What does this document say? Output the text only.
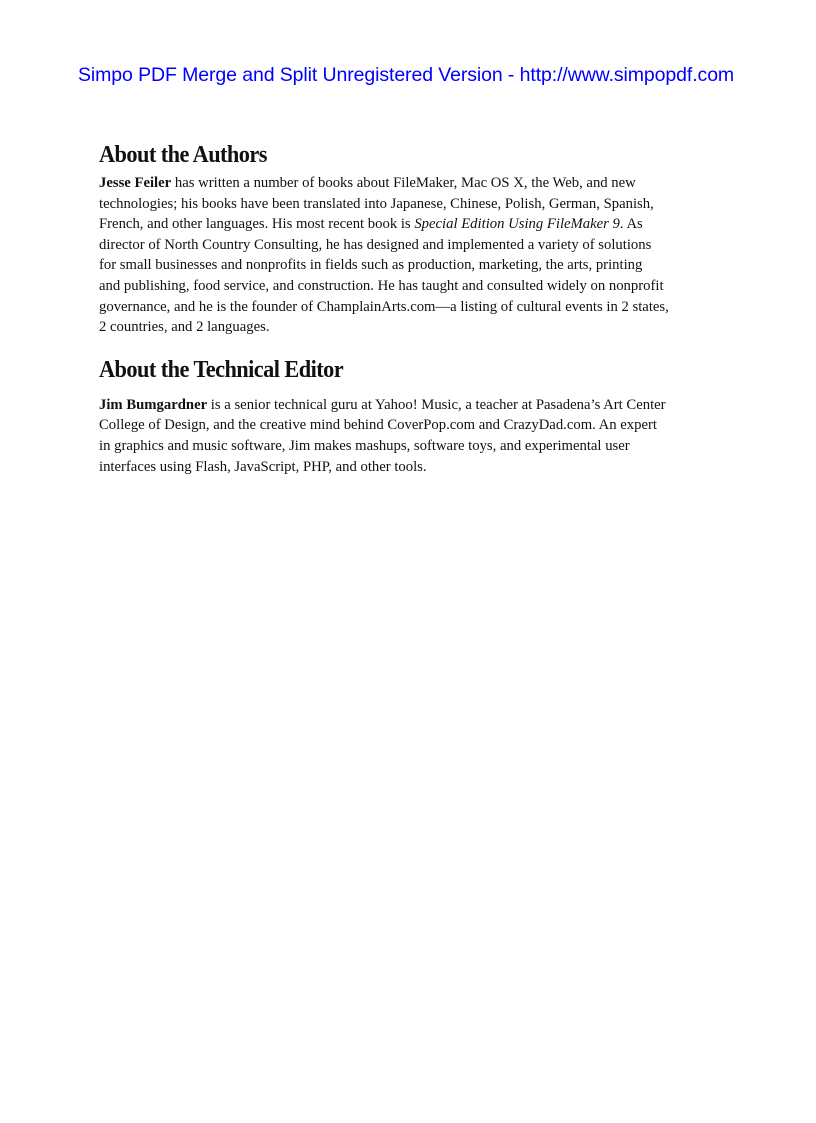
Simpo PDF Merge and Split Unregistered Version - http://www.simpopdf.com
About the Authors

Jesse Feiler has written a number of books about FileMaker, Mac OS X, the Web, and new
technologies; his books have been translated into Japanese, Chinese, Polish, German, Spanish,
French, and other languages. His most recent book is Special Edition Using FileMaker 9. As
director of North Country Consulting, he has designed and implemented a variety of solutions
for small businesses and nonprofits in fields such as production, marketing, the arts, printing
and publishing, food service, and construction. He has taught and consulted widely on nonprofit
governance, and he is the founder of ChamplainArts.com—a listing of cultural events in 2 states,
2 countries, and 2 languages.

About the Technical Editor

Jim Bumgardner is a senior technical guru at Yahoo! Music, a teacher at Pasadena’s Art Center
College of Design, and the creative mind behind CoverPop.com and CrazyDad.com. An expert
in graphics and music software, Jim makes mashups, software toys, and experimental user
interfaces using Flash, JavaScript, PHP, and other tools.
